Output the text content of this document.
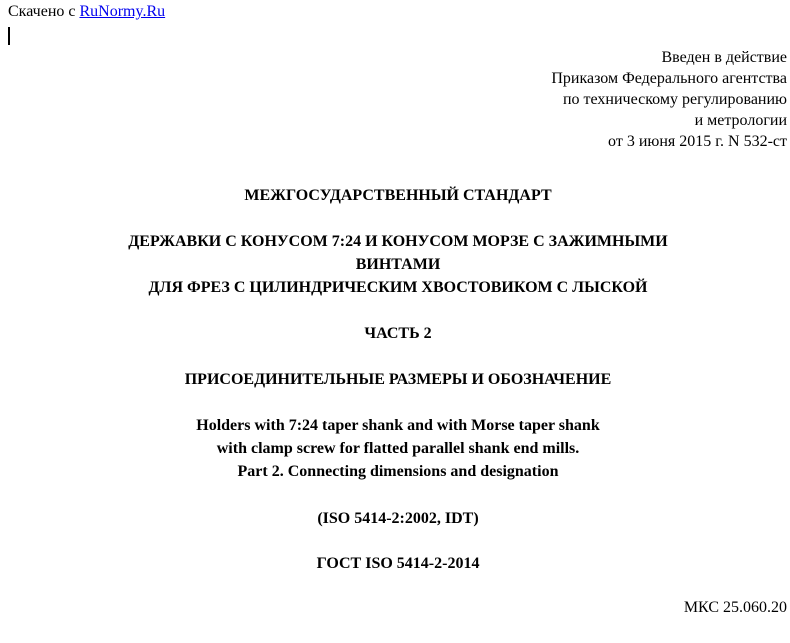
Скачено с RuNormy.Ru
Введен в действие
Приказом Федерального агентства
по техническому регулированию
и метрологии
от 3 июня 2015 г. N 532-ст
МЕЖГОСУДАРСТВЕННЫЙ СТАНДАРТ
ДЕРЖАВКИ С КОНУСОМ 7:24 И КОНУСОМ МОРЗЕ С ЗАЖИМНЫМИ
ВИНТАМИ
ДЛЯ ФРЕЗ С ЦИЛИНДРИЧЕСКИМ ХВОСТОВИКОМ С ЛЫСКОЙ
ЧАСТЬ 2
ПРИСОЕДИНИТЕЛЬНЫЕ РАЗМЕРЫ И ОБОЗНАЧЕНИЕ
Holders with 7:24 taper shank and with Morse taper shank
with clamp screw for flatted parallel shank end mills.
Part 2. Connecting dimensions and designation
(ISO 5414-2:2002, IDT)
ГОСТ ISO 5414-2-2014
МКС 25.060.20
